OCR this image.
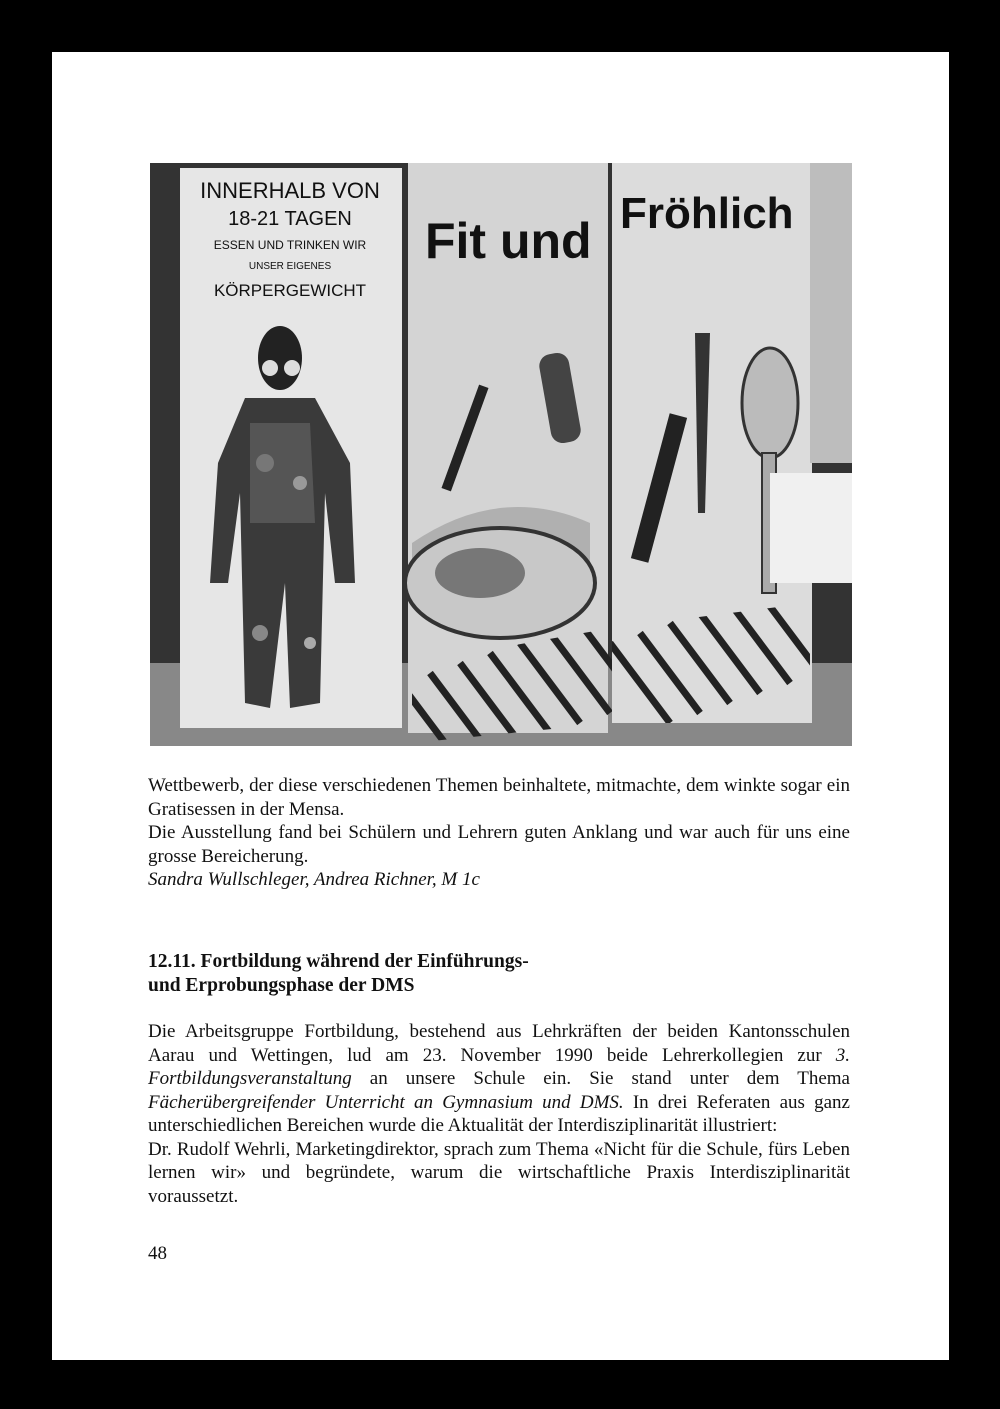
INNERHALB VON
18-21 TAGEN
ESSEN UND TRINKEN WIR
UNSER EIGENES
KÖRPERGEWICHT
Fit und Fröhlich

Wettbewerb, der diese verschiedenen Themen beinhaltete, mitmachte, dem winkte sogar ein Gratisessen in der Mensa.

Die Ausstellung fand bei Schülern und Lehrern guten Anklang und war auch für uns eine grosse Bereicherung.

Sandra Wullschleger, Andrea Richner, M 1c

12.11. Fortbildung während der Einführungs-
und Erprobungsphase der DMS

Die Arbeitsgruppe Fortbildung, bestehend aus Lehrkräften der beiden Kantonsschulen Aarau und Wettingen, lud am 23. November 1990 beide Lehrerkollegien zur 3. Fortbildungsveranstaltung an unsere Schule ein. Sie stand unter dem Thema Fächerübergreifender Unterricht an Gymnasium und DMS. In drei Referaten aus ganz unterschiedlichen Bereichen wurde die Aktualität der Interdisziplinarität illustriert:

Dr. Rudolf Wehrli, Marketingdirektor, sprach zum Thema «Nicht für die Schule, fürs Leben lernen wir» und begründete, warum die wirtschaftliche Praxis Interdisziplinarität voraussetzt.

48
